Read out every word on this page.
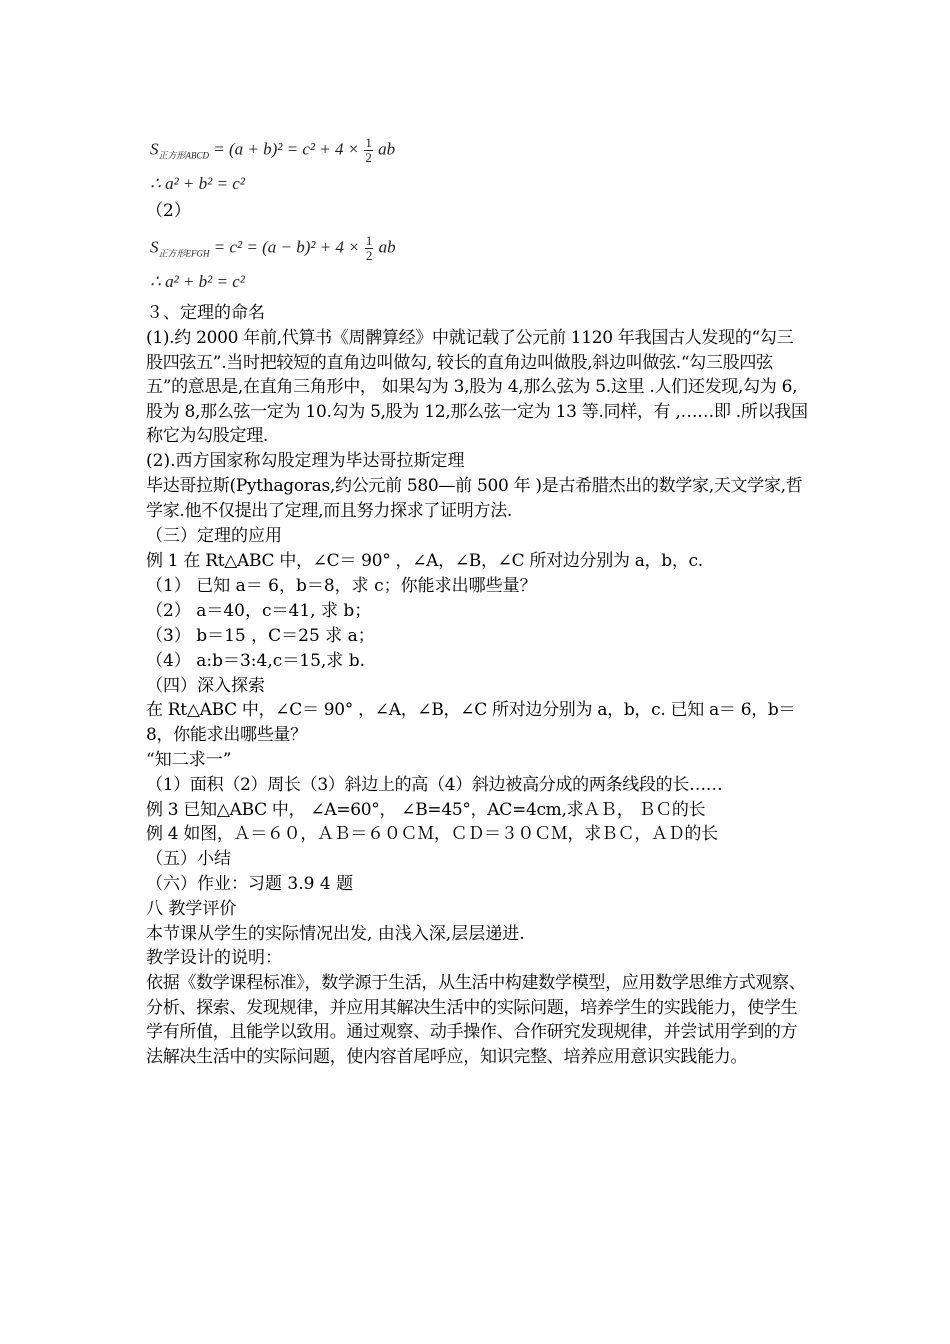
$S_{正方形ABCD} = (a + b)^2 = c^2 + 4 \times \frac{1}{2}$ ab
∴ a² + b² = c²
（2）
$S_{正方形EFGH} = c^2 = (a - b)^2 + 4 \times \frac{1}{2}$ ab
∴ a² + b² = c²
３、定理的命名
(1).约 2000 年前,代算书《周髀算经》中就记载了公元前 1120 年我国古人发现的“勾三股四弦五”.当时把较短的直角边叫做勾, 较长的直角边叫做股,斜边叫做弦.“勾三股四弦五”的意思是,在直角三角形中， 如果勾为 3,股为 4,那么弦为 5.这里 .人们还发现,勾为 6,股为 8,那么弦一定为 10.勾为 5,股为 12,那么弦一定为 13 等.同样，有 ,……即 .所以我国称它为勾股定理.
(2).西方国家称勾股定理为毕达哥拉斯定理
毕达哥拉斯(Pythagoras,约公元前 580—前 500 年 )是古希腊杰出的数学家,天文学家,哲学家.他不仅提出了定理,而且努力探求了证明方法.
（三）定理的应用
例 1 在 Rt△ABC 中，∠C＝ 90° ，∠A，∠B，∠C 所对边分别为 a，b，c.
（1） 已知 a＝ 6，b＝8，求 c；你能求出哪些量？
（2） a＝40，c＝41, 求 b；
（3） b＝15 ，C＝25 求 a；
（4） a:b＝3:4,c＝15,求 b.
（四）深入探索
在 Rt△ABC 中，∠C＝ 90° ，∠A，∠B，∠C 所对边分别为 a，b，c. 已知 a＝ 6，b＝8，你能求出哪些量？
“知二求一”
（1）面积（2）周长（3）斜边上的高（4）斜边被高分成的两条线段的长……
例 3 已知△ABC 中， ∠A=60°， ∠B=45°，AC=4cm,求ＡＢ， ＢＣ的长
例 4 如图，Ａ＝６０，ＡＢ＝６０ＣＭ，ＣＤ＝３０ＣＭ，求ＢＣ，ＡＤ的长
（五）小结
（六）作业：习题 3.9 4 题
八 教学评价
本节课从学生的实际情况出发, 由浅入深,层层递进.
教学设计的说明：
依据《数学课程标准》，数学源于生活，从生活中构建数学模型，应用数学思维方式观察、分析、探索、发现规律，并应用其解决生活中的实际问题，培养学生的实践能力，使学生学有所值，且能学以致用。通过观察、动手操作、合作研究发现规律，并尝试用学到的方法解决生活中的实际问题，使内容首尾呼应，知识完整、培养应用意识实践能力。
